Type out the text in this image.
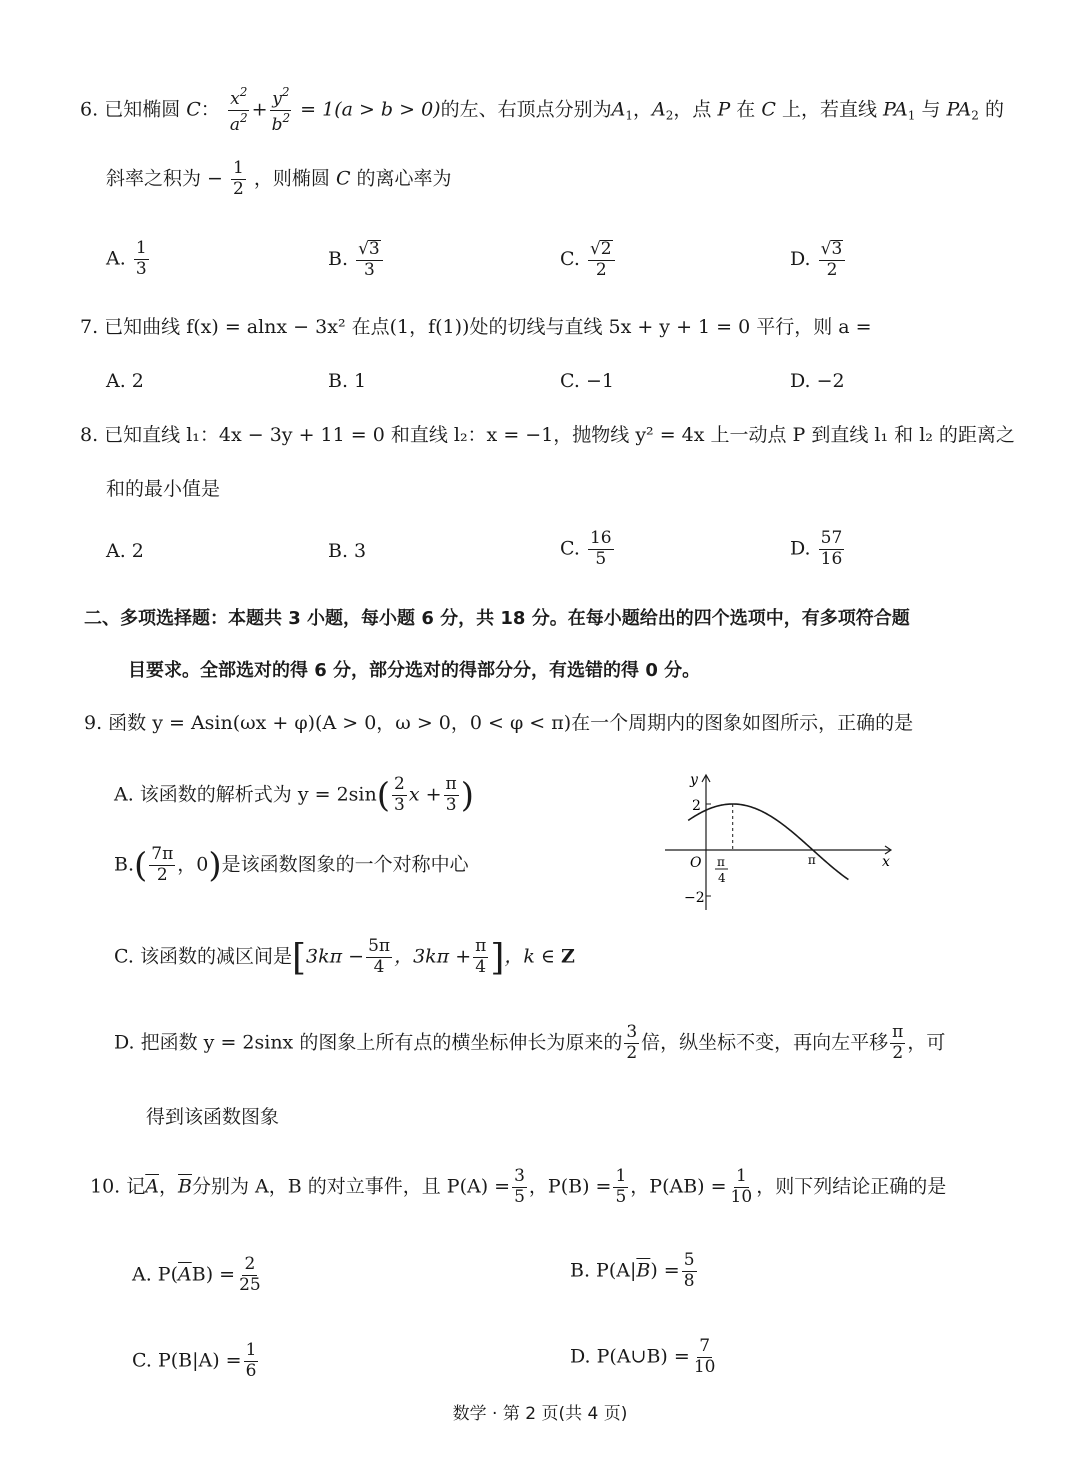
6. 已知椭圆 C： $\frac{x^2}{a^2} + \frac{y^2}{b^2} = 1(a > b > 0)$的左、右顶点分别为$A_1$，$A_2$，点 P 在 C 上，若直线 $PA_1$ 与 $PA_2$ 的
斜率之积为 − $\frac{1}{2}$ ，则椭圆 C 的离心率为
A. $\frac{1}{3}$	B. $\frac{√3}{3}$	C. $\frac{√2}{2}$	D. $\frac{√3}{2}$
7. 已知曲线 f(x) = alnx − 3x² 在点(1，f(1))处的切线与直线 5x + y + 1 = 0 平行，则 a =
A. 2	B. 1	C. −1	D. −2
8. 已知直线 l₁：4x − 3y + 11 = 0 和直线 l₂：x = −1，抛物线 y² = 4x 上一动点 P 到直线 l₁ 和 l₂ 的距离之
和的最小值是
A. 2	B. 3	C. $\frac{16}{5}$	D. $\frac{57}{16}$
二、多项选择题：本题共 3 小题，每小题 6 分，共 18 分。在每小题给出的四个选项中，有多项符合题
目要求。全部选对的得 6 分，部分选对的得部分分，有选错的得 0 分。
9. 函数 y = Asin(ωx + φ)(A > 0，ω > 0，0 < φ < π)在一个周期内的图象如图所示，正确的是
A. 该函数的解析式为 $y = 2\sin( \frac{2}{3}$ $x + \frac{\pi}{3}$ )
$B.( \frac{7\pi}{2}$ ，0)是该函数图象的一个对称中心
C. 该函数的减区间是[$3k\pi - \frac{5\pi}{4}$ ，$3k\pi + \frac{\pi}{4}$ ]，k ∈ Z
D. 把函数 y = 2sinx 的图象上所有点的横坐标伸长为原来的 $\frac{3}{2}$ 倍，纵坐标不变，再向左平移 $\frac{\pi}{2}$ ，可
得到该函数图象
y
x
O
2
−2
π
4
π
10. 记$\overline{A}$，$\overline{B}$分别为 A，B 的对立事件，且 $P(A) = \frac{3}{5}$ ，$P(B) = \frac{1}{5}$ ，$P(AB) = \frac{1}{10}$ ，则下列结论正确的是
A. $P(\overline{A}B) = \frac{2}{25}$	B. $P(A|\overline{B}) = \frac{5}{8}$
C. $P(B|A) = \frac{1}{6}$	D. P(A∪B) = $\frac{7}{10}$
数学 · 第 2 页(共 4 页)
